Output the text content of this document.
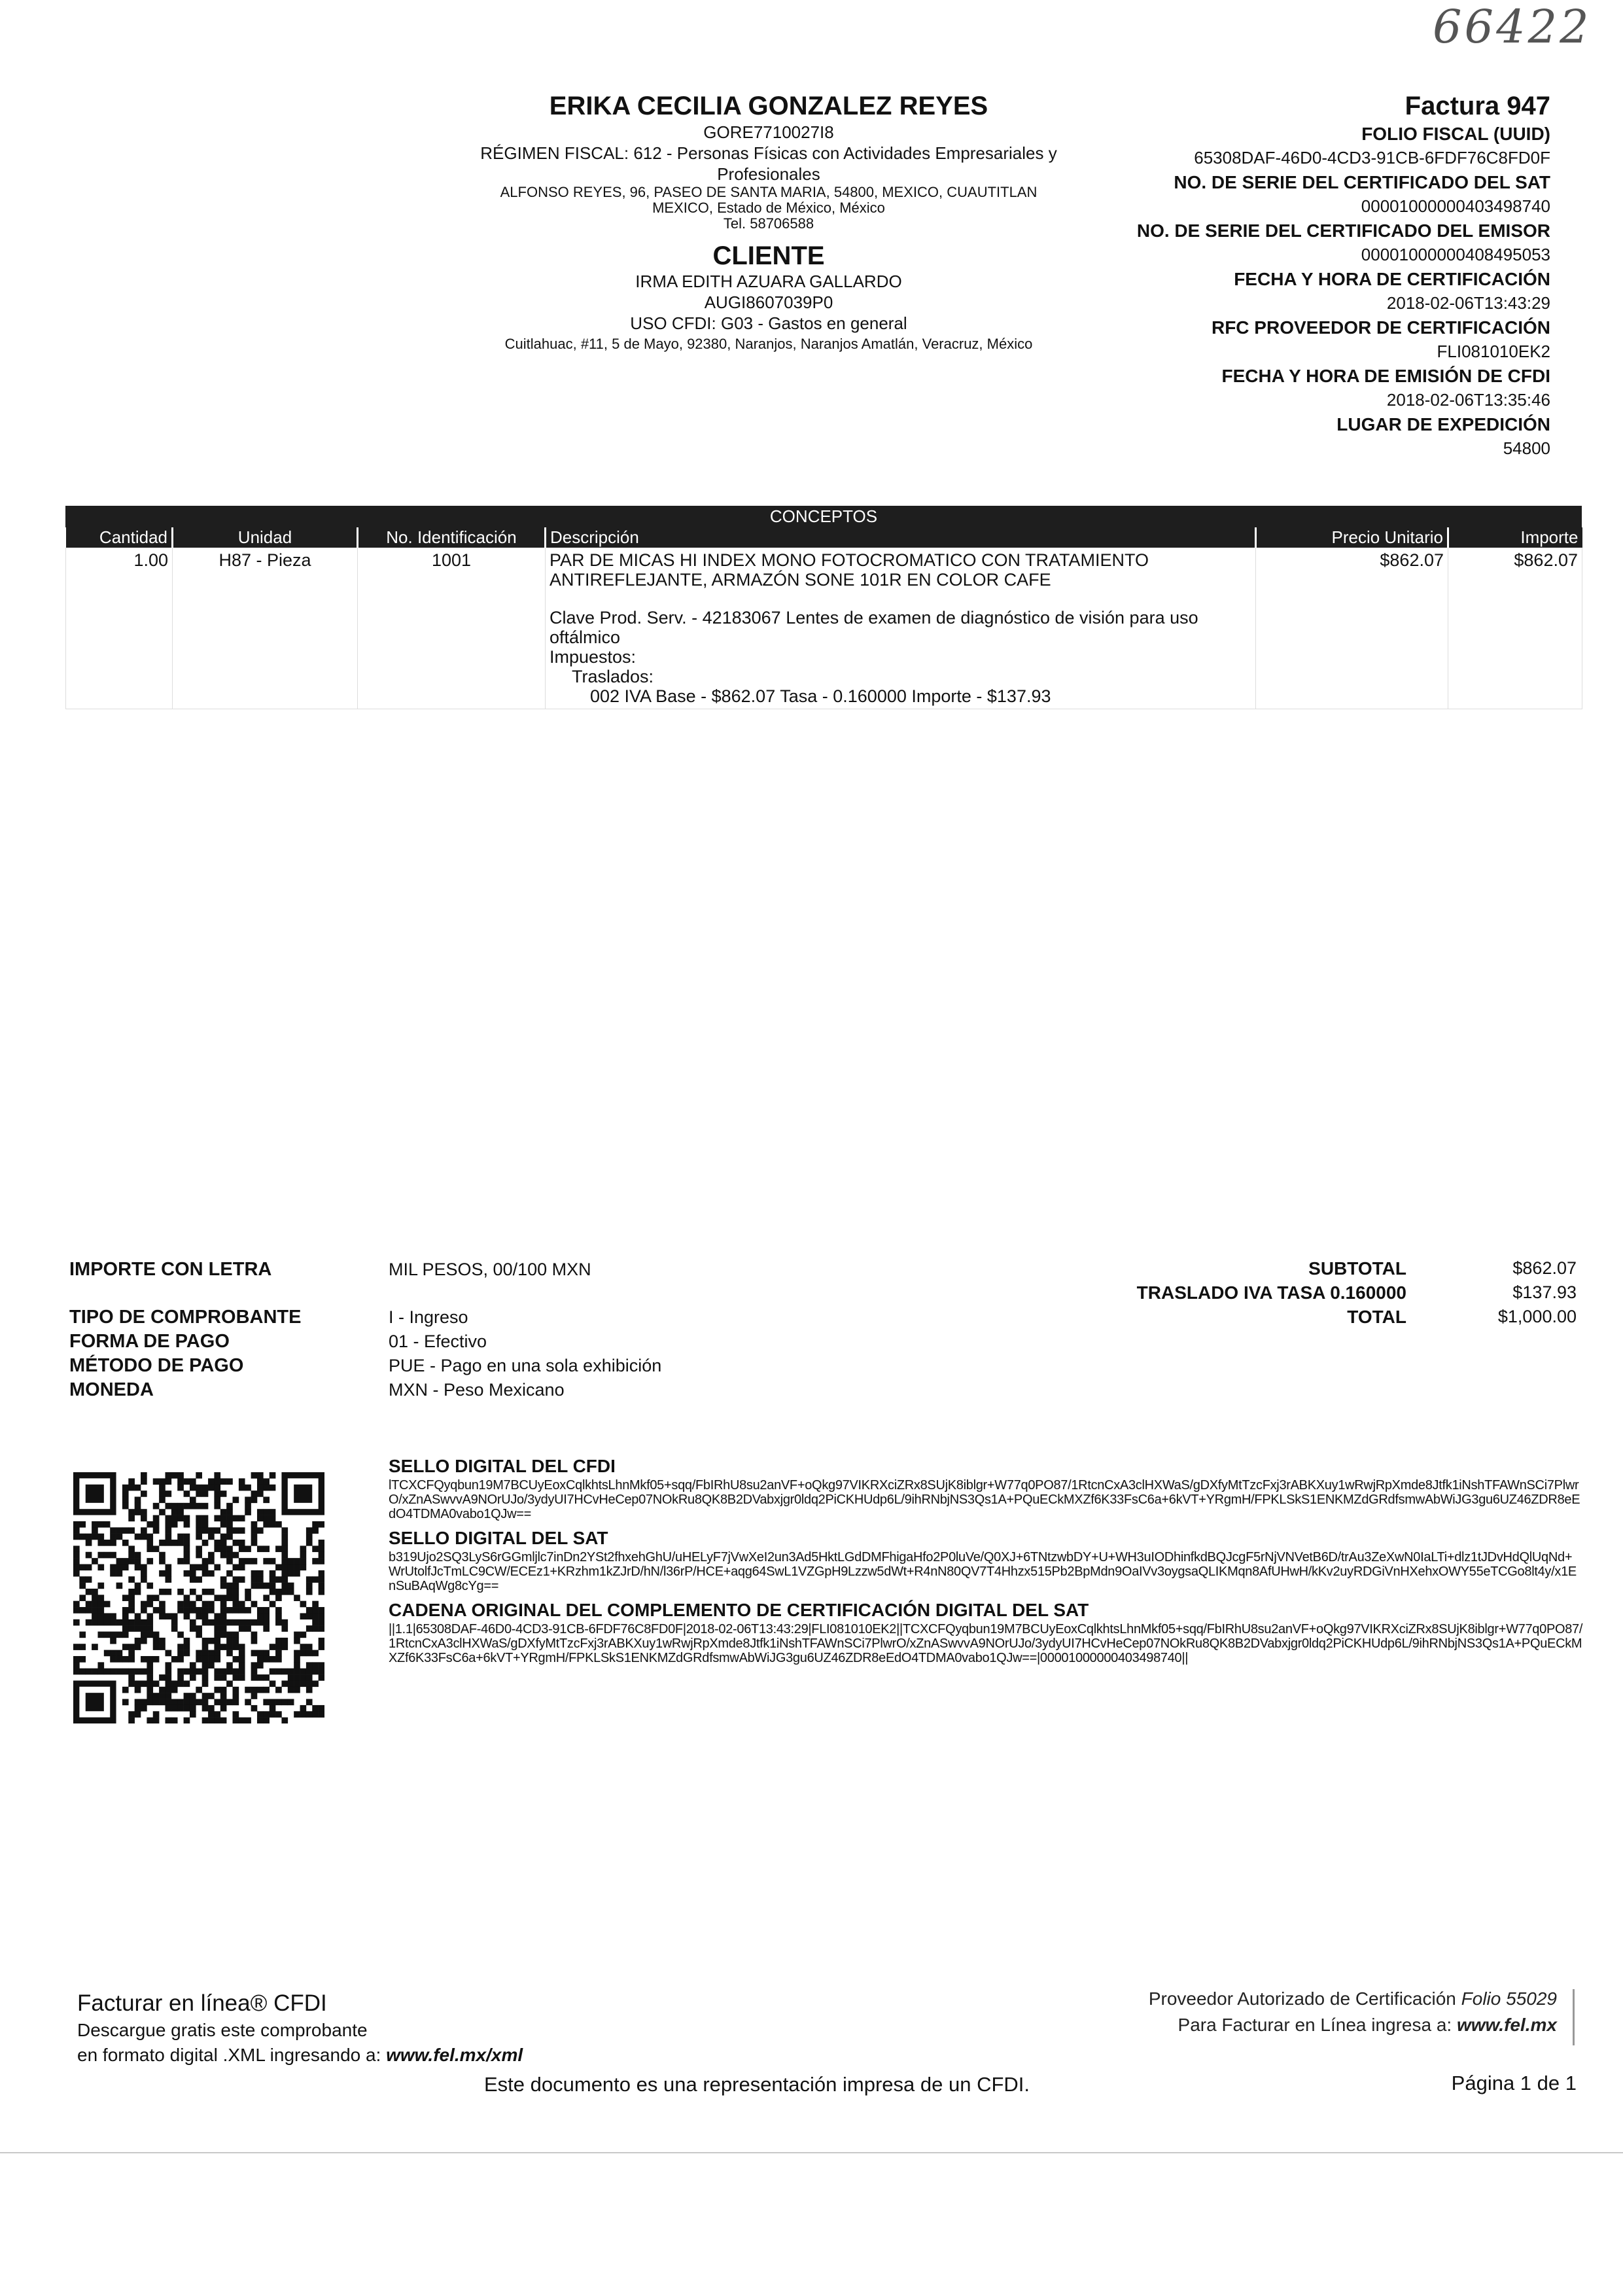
66422
ERIKA CECILIA GONZALEZ REYES
GORE7710027I8
RÉGIMEN FISCAL: 612 - Personas Físicas con Actividades Empresariales y Profesionales
ALFONSO REYES, 96, PASEO DE SANTA MARIA, 54800, MEXICO, CUAUTITLAN MEXICO, Estado de México, México
Tel. 58706588
CLIENTE
IRMA EDITH AZUARA GALLARDO
AUGI8607039P0
USO CFDI: G03 - Gastos en general
Cuitlahuac, #11, 5 de Mayo, 92380, Naranjos, Naranjos Amatlán, Veracruz, México
Factura 947
FOLIO FISCAL (UUID)
65308DAF-46D0-4CD3-91CB-6FDF76C8FD0F
NO. DE SERIE DEL CERTIFICADO DEL SAT
00001000000403498740
NO. DE SERIE DEL CERTIFICADO DEL EMISOR
00001000000408495053
FECHA Y HORA DE CERTIFICACIÓN
2018-02-06T13:43:29
RFC PROVEEDOR DE CERTIFICACIÓN
FLI081010EK2
FECHA Y HORA DE EMISIÓN DE CFDI
2018-02-06T13:35:46
LUGAR DE EXPEDICIÓN
54800
CONCEPTOS
Cantidad	Unidad	No. Identificación	Descripción	Precio Unitario	Importe
1.00	H87 - Pieza	1001	PAR DE MICAS HI INDEX MONO FOTOCROMATICO CON TRATAMIENTO ANTIREFLEJANTE, ARMAZÓN SONE 101R EN COLOR CAFE
Clave Prod. Serv. - 42183067 Lentes de examen de diagnóstico de visión para uso oftálmico
Impuestos:
Traslados:
002 IVA Base - $862.07 Tasa - 0.160000 Importe - $137.93	$862.07	$862.07
IMPORTE CON LETRA	MIL PESOS, 00/100 MXN
TIPO DE COMPROBANTE	I - Ingreso
FORMA DE PAGO	01 - Efectivo
MÉTODO DE PAGO	PUE - Pago en una sola exhibición
MONEDA	MXN - Peso Mexicano
SUBTOTAL	$862.07
TRASLADO IVA TASA 0.160000	$137.93
TOTAL	$1,000.00
SELLO DIGITAL DEL CFDI
lTCXCFQyqbun19M7BCUyEoxCqlkhtsLhnMkf05+sqq/FbIRhU8su2anVF+oQkg97VIKRXciZRx8SUjK8iblgr+W77q0PO87/1RtcnCxA3clHXWaS/gDXfyMtTzcFxj3rABKXuy1wRwjRpXmde8Jtfk1iNshTFAWnSCi7PlwrO/xZnASwvvA9NOrUJo/3ydyUI7HCvHeCep07NOkRu8QK8B2DVabxjgr0ldq2PiCKHUdp6L/9ihRNbjNS3Qs1A+PQuECkMXZf6K33FsC6a+6kVT+YRgmH/FPKLSkS1ENKMZdGRdfsmwAbWiJG3gu6UZ46ZDR8eEdO4TDMA0vabo1QJw==
SELLO DIGITAL DEL SAT
b319Ujo2SQ3LyS6rGGmljlc7inDn2YSt2fhxehGhU/uHELyF7jVwXeI2un3Ad5HktLGdDMFhigaHfo2P0luVe/Q0XJ+6TNtzwbDY+U+WH3uIODhinfkdBQJcgF5rNjVNVetB6D/trAu3ZeXwN0IaLTi+dlz1tJDvHdQlUqNd+WrUtolfJcTmLC9CW/ECEz1+KRzhm1kZJrD/hN/l36rP/HCE+aqg64SwL1VZGpH9Lzzw5dWt+R4nN80QV7T4Hhzx515Pb2BpMdn9OaIVv3oygsaQLIKMqn8AfUHwH/kKv2uyRDGiVnHXehxOWY55eTCGo8lt4y/x1EnSuBAqWg8cYg==
CADENA ORIGINAL DEL COMPLEMENTO DE CERTIFICACIÓN DIGITAL DEL SAT
||1.1|65308DAF-46D0-4CD3-91CB-6FDF76C8FD0F|2018-02-06T13:43:29|FLI081010EK2||TCXCFQyqbun19M7BCUyEoxCqlkhtsLhnMkf05+sqq/FbIRhU8su2anVF+oQkg97VIKRXciZRx8SUjK8iblgr+W77q0PO87/1RtcnCxA3clHXWaS/gDXfyMtTzcFxj3rABKXuy1wRwjRpXmde8Jtfk1iNshTFAWnSCi7PlwrO/xZnASwvvA9NOrUJo/3ydyUI7HCvHeCep07NOkRu8QK8B2DVabxjgr0ldq2PiCKHUdp6L/9ihRNbjNS3Qs1A+PQuECkMXZf6K33FsC6a+6kVT+YRgmH/FPKLSkS1ENKMZdGRdfsmwAbWiJG3gu6UZ46ZDR8eEdO4TDMA0vabo1QJw==|00001000000403498740||
Facturar en línea® CFDI
Descargue gratis este comprobante
en formato digital .XML ingresando a: www.fel.mx/xml
Proveedor Autorizado de Certificación Folio 55029
Para Facturar en Línea ingresa a: www.fel.mx
Este documento es una representación impresa de un CFDI.	Página 1 de 1
